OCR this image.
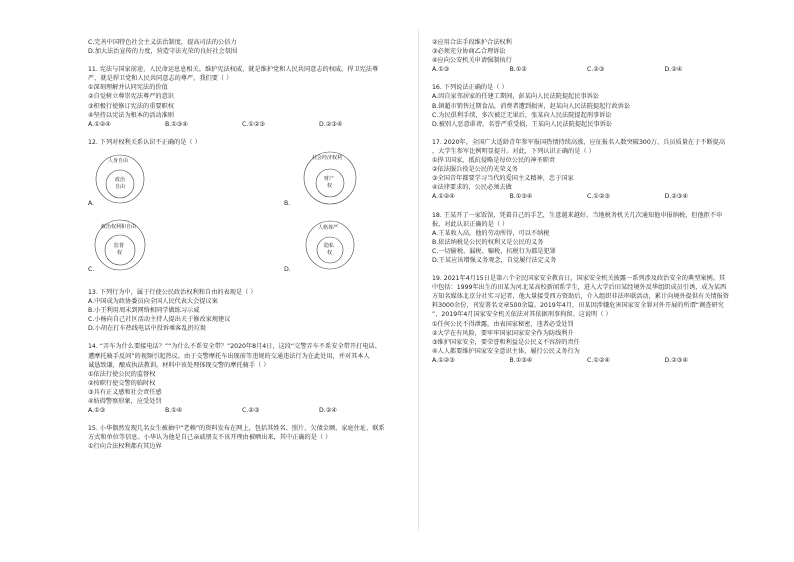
C.完善中国特色社会主义法治制度，提高司法的公信力
D.加大法治宣传的力度，营造守法光荣的良好社会氛围
11. 宪法与国家前途、人民命运息息相关。维护宪法权威，就是维护党和人民共同意志的权威。捍卫宪法尊
严，就是捍卫党和人民共同意志的尊严。我们要（ ）
①深刻理解并认同宪法的价值
②自觉树立尊崇宪法尊严的意识
③积极行使修订宪法的重要职权
④坚持以宪法为根本的活动准则
A.①②④	B.①③④	C.①②③	D.②③④
12. 下列对权利关系认识不正确的是（ ）
A.
人身自由
政治
自由
B.
社会经济权利
财产
权
C.
政治权利和自由
监督
权
D.
人格尊严
隐私
权
13. 下列行为中，属于行使公民政治权利和自由的表现是（ ）
A.中国成为政协委员向全国人民代表大会提议案
B.小王利用周末到网络相同学做练习示威
C.小杨向自己社区活动主持人提出关于修改家规建议
D.小胡在打车热线电话中投诉乘客乱扔垃圾
14. “弄车为什么要接电话？”“为什么不系安全带？”2020年8月4日，这段“交警弄车不系安全带开打电话、
遭摩托骑手反问”的视频引起热议。由于交警摩托车出现前等违规的交通违法行为在此处用，并对其本人
诚恳致谦，酿成执法教训。材料中该处理体现交警的摩托骑手（ ）
①依法行使公民的监督权
②按职行使交警的临时权
③具有正义感和社会责任感
④妨碍警察形象，应受处罚
A.①③	B.①④	C.②③	D.②④
15. 小华偶然发现几名女生被抽中“老赖”的资料发布在网上，包括其姓名、照片、欠债金额、家庭住址、联系
方式和单位等信息。小华认为他是自己亲戚朋友不该开理由被晒出来，其中正确的是（ ）
①行向合法权利都有其边界
②应用合法手段维护合法权利
③必须充分协商乙合理诉讼
④应向公安机关申请强制执行
A.①③	B.①②	C.②③	D.②④
16. 下列说法正确的是（ ）
A.因自家邻居家的任建工期间，彭某向人民法院提起民事诉讼
B.镇超市销售过期食品，消费者遭到损害，赵某向人民法院提起行政诉讼
C.为民俱利手续，多次被迁无果后，张某向人民法院提起刑事诉讼
D.被别人恶意诽谤，名誉严重受损，王某向人民法院提起民事诉讼
17. 2020年，全国广大适龄青年参军报国热情持续高涨，应征报名人数突破300万，兵员质量在于不断提高
，大学生参军比例明显提升。对此，下列认识正确的是（ ）
①捍卫国家、抵抗侵略是每位公民的神圣职责
②依法服兵役是公民的光荣义务
③全国青年都要学习当代的爱国主义精神，忠于国家
④法律要求的，公民必须去做
A.①②④	B.①③④	C.①②③	D.②③④
18. 王某开了一家饭馆，凭着自己的手艺，生意越来越好。当地税务机关几次通知他申报纳税，但他拒不申
报，对此认识正确的是（ ）
A.王某收入高，他的劳动所得，可以不纳税
B.依法纳税是公民的权利又是公民的义务
C.一切偷税、漏税、骗税、抗税行为都是犯罪
D.王某应该增强义务观念，自觉履行法定义务
19. 2021年4月15日是第六个全民国家安全教育日，国家安全机关披露一系列涉及政治安全的典型案例。其
中包括：1999年出生的田某为河北某高校新闻系学生，进入大学后田某经境外反华组织成员引诱，成为某西
方知名媒体北京分社实习记者，他大量接受西方资助后，介入组织非法串联活动，累计向境外提供有关情报资
料3000余份，刊发署名文章500余篇。2019年4月，田某因涉嫌危害国家安全罪对外开展的所谓“调查研究
”，2019年4月国家安全机关依法对其依据刑事拘留。这说明（ ）
①任何公民不得泄露，由表国家秘密，违者必受处罚
②大学在有风险，要牢牢国家国家安全作为防线利升
③维护国家安全，要荣誉和利益是公民义不容辞的责任
④人人都要维护国家安全意识主体，履行公民义务行为
A.①②③	B.①③④	C.①②④	D.②③④
